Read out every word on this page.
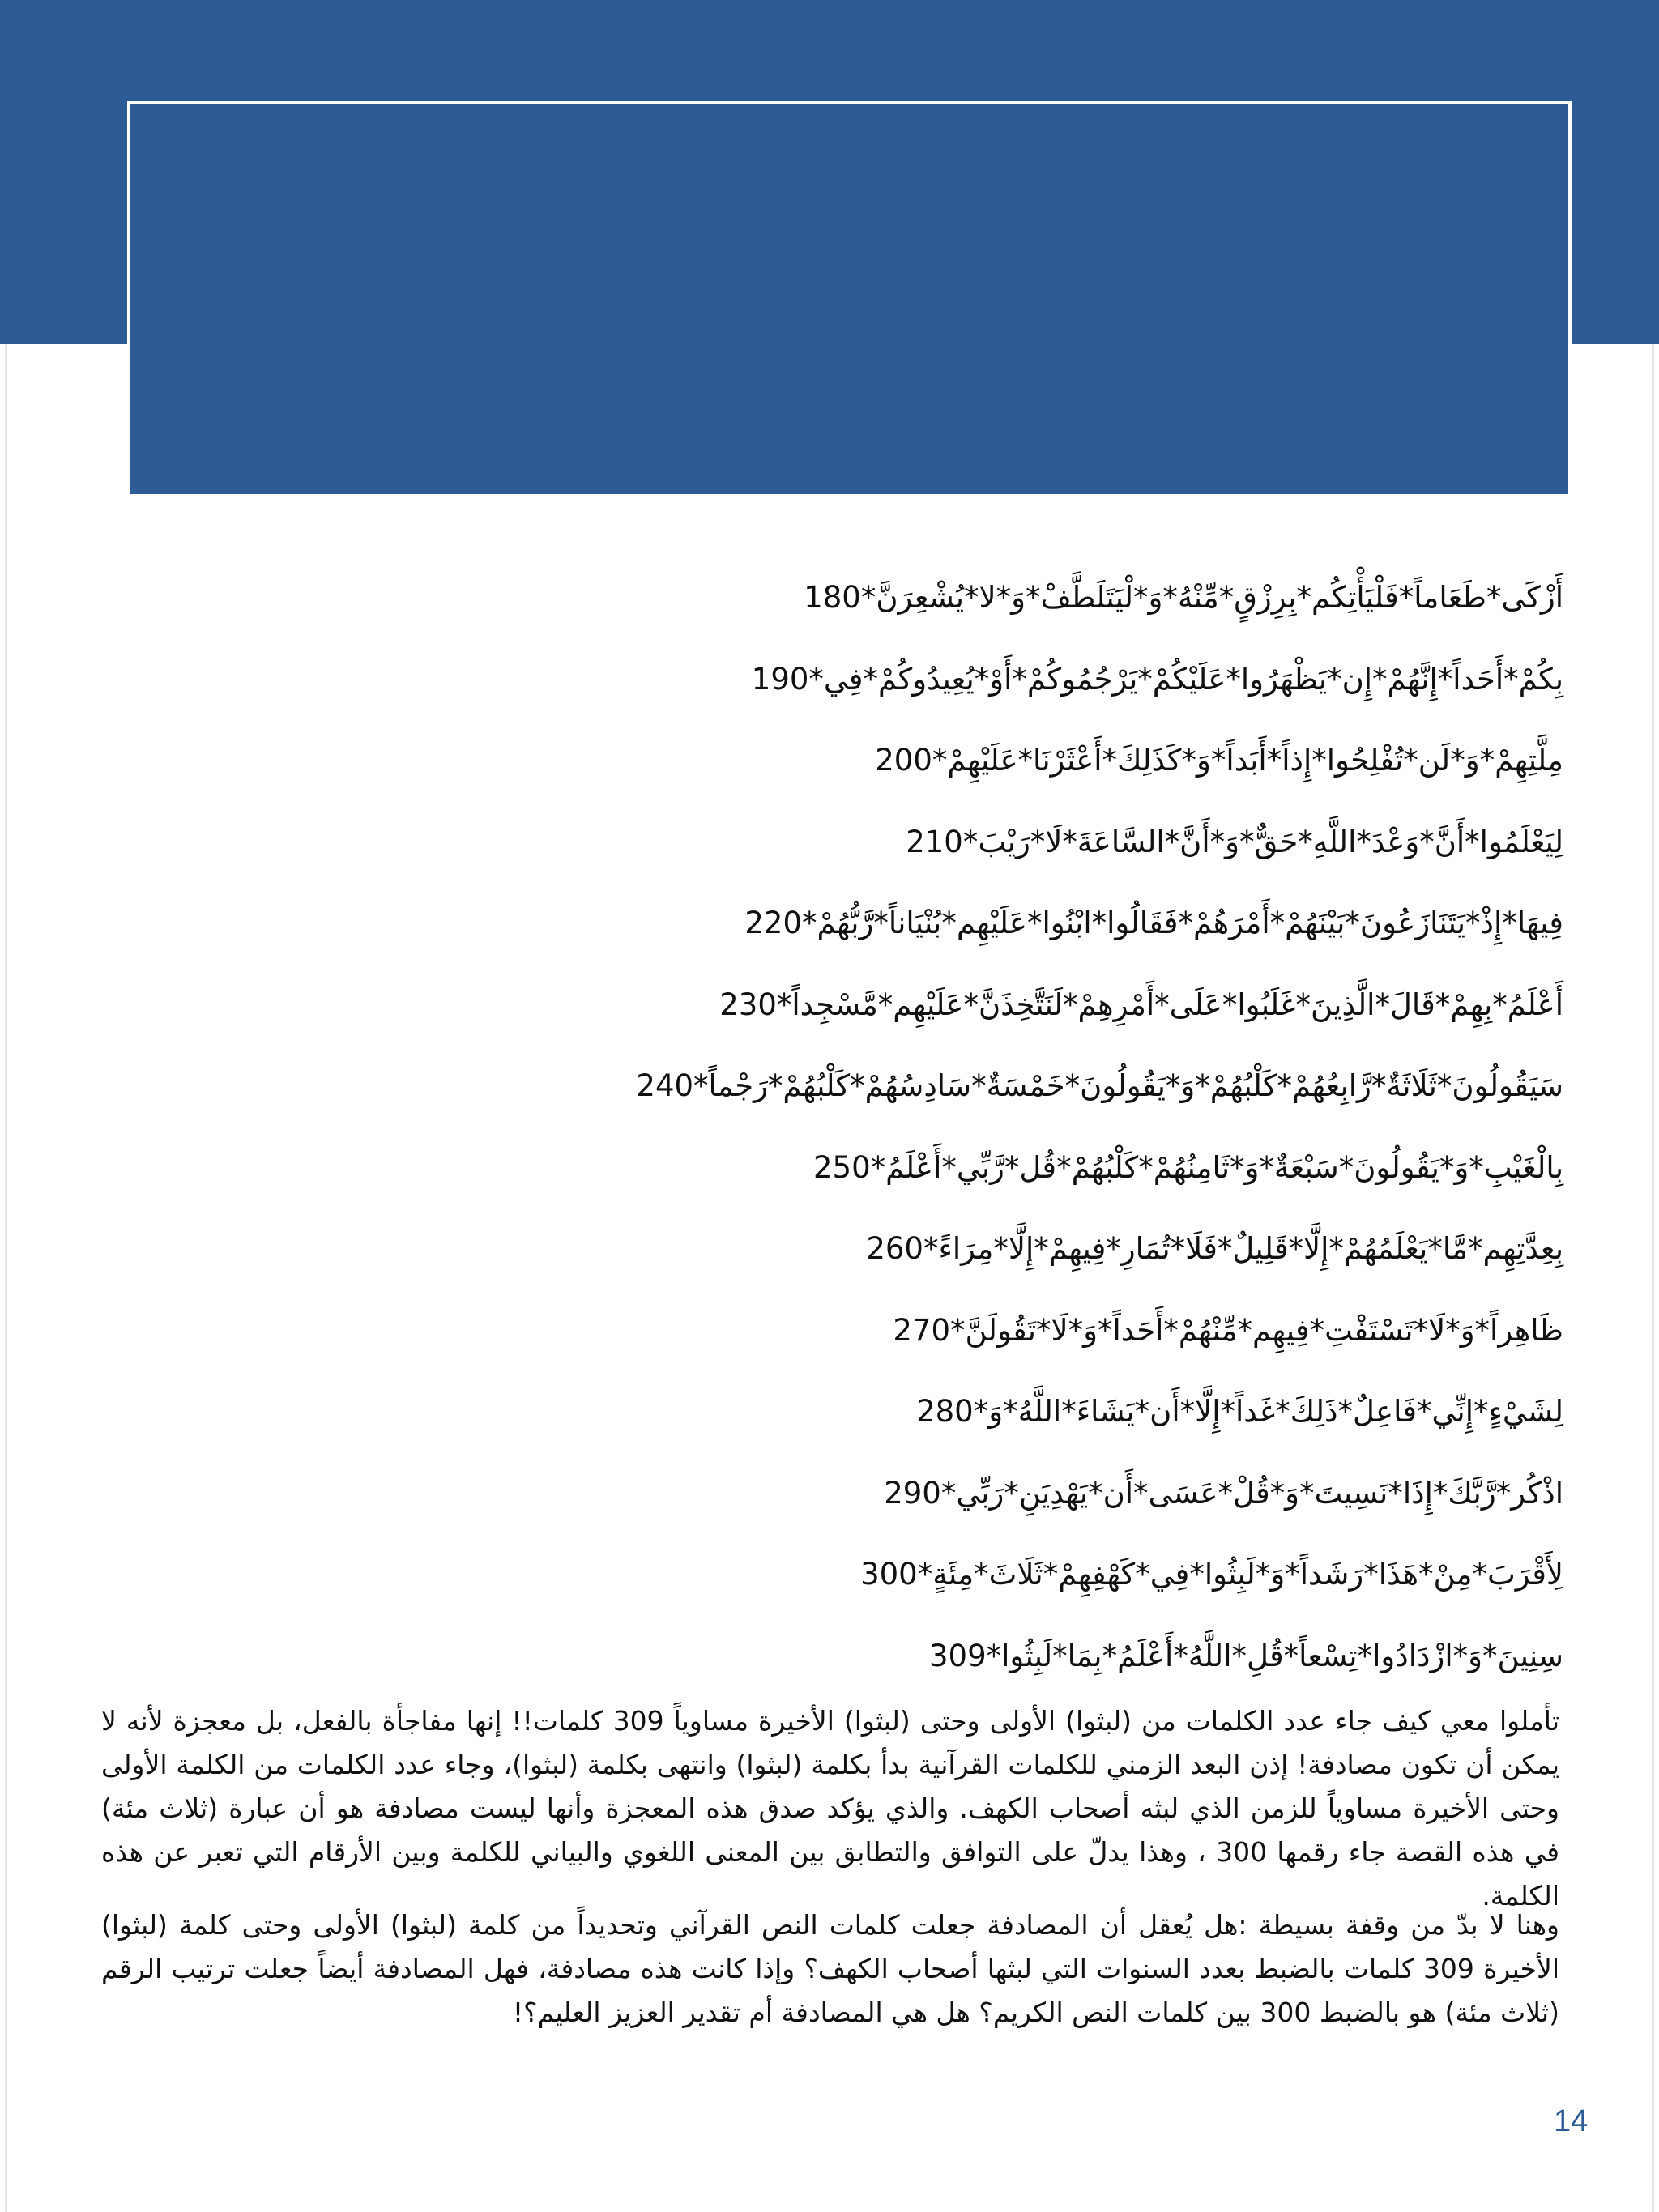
أَزْكَى*طَعَاماً*فَلْيَأْتِكُم*بِرِزْقٍ*مِّنْهُ*وَ*لْيَتَلَطَّفْ*وَ*لا*يُشْعِرَنَّ*180
بِكُمْ*أَحَداً*إِنَّهُمْ*إِن*يَظْهَرُوا*عَلَيْكُمْ*يَرْجُمُوكُمْ*أَوْ*يُعِيدُوكُمْ*فِي*190
مِلَّتِهِمْ*وَ*لَن*تُفْلِحُوا*إِذاً*أَبَداً*وَ*كَذَلِكَ*أَعْثَرْنَا*عَلَيْهِمْ*200
لِيَعْلَمُوا*أَنَّ*وَعْدَ*اللَّهِ*حَقٌّ*وَ*أَنَّ*السَّاعَةَ*لَا*رَيْبَ*210
فِيهَا*إِذْ*يَتَنَازَعُونَ*بَيْنَهُمْ*أَمْرَهُمْ*فَقَالُوا*ابْنُوا*عَلَيْهِم*بُنْيَاناً*رَّبُّهُمْ*220
أَعْلَمُ*بِهِمْ*قَالَ*الَّذِينَ*غَلَبُوا*عَلَى*أَمْرِهِمْ*لَنَتَّخِذَنَّ*عَلَيْهِم*مَّسْجِداً*230
سَيَقُولُونَ*ثَلَاثَةٌ*رَّابِعُهُمْ*كَلْبُهُمْ*وَ*يَقُولُونَ*خَمْسَةٌ*سَادِسُهُمْ*كَلْبُهُمْ*رَجْماً*240
بِالْغَيْبِ*وَ*يَقُولُونَ*سَبْعَةٌ*وَ*ثَامِنُهُمْ*كَلْبُهُمْ*قُل*رَّبِّي*أَعْلَمُ*250
بِعِدَّتِهِم*مَّا*يَعْلَمُهُمْ*إِلَّا*قَلِيلٌ*فَلَا*تُمَارِ*فِيهِمْ*إِلَّا*مِرَاءً*260
ظَاهِراً*وَ*لَا*تَسْتَفْتِ*فِيهِم*مِّنْهُمْ*أَحَداً*وَ*لَا*تَقُولَنَّ*270
لِشَيْءٍ*إِنِّي*فَاعِلٌ*ذَلِكَ*غَداً*إِلَّا*أَن*يَشَاءَ*اللَّهُ*وَ*280
اذْكُر*رَّبَّكَ*إِذَا*نَسِيتَ*وَ*قُلْ*عَسَى*أَن*يَهْدِيَنِ*رَبِّي*290
لِأَقْرَبَ*مِنْ*هَذَا*رَشَداً*وَ*لَبِثُوا*فِي*كَهْفِهِمْ*ثَلَاثَ*مِئَةٍ*300
سِنِينَ*وَ*ازْدَادُوا*تِسْعاً*قُلِ*اللَّهُ*أَعْلَمُ*بِمَا*لَبِثُوا*309

تأملوا معي كيف جاء عدد الكلمات من (لبثوا) الأولى وحتى (لبثوا) الأخيرة مساوياً 309 كلمات!! إنها مفاجأة بالفعل، بل معجزة لأنه لا يمكن أن تكون مصادفة! إذن البعد الزمني للكلمات القرآنية بدأ بكلمة (لبثوا) وانتهى بكلمة (لبثوا)، وجاء عدد الكلمات من الكلمة الأولى وحتى الأخيرة مساوياً للزمن الذي لبثه أصحاب الكهف. والذي يؤكد صدق هذه المعجزة وأنها ليست مصادفة هو أن عبارة (ثلاث مئة) في هذه القصة جاء رقمها 300 ، وهذا يدلّ على التوافق والتطابق بين المعنى اللغوي والبياني للكلمة وبين الأرقام التي تعبر عن هذه الكلمة.

وهنا لا بدّ من وقفة بسيطة :هل يُعقل أن المصادفة جعلت كلمات النص القرآني وتحديداً من كلمة (لبثوا) الأولى وحتى كلمة (لبثوا) الأخيرة 309 كلمات بالضبط بعدد السنوات التي لبثها أصحاب الكهف؟ وإذا كانت هذه مصادفة، فهل المصادفة أيضاً جعلت ترتيب الرقم (ثلاث مئة) هو بالضبط 300 بين كلمات النص الكريم؟ هل هي المصادفة أم تقدير العزيز العليم؟!

14
